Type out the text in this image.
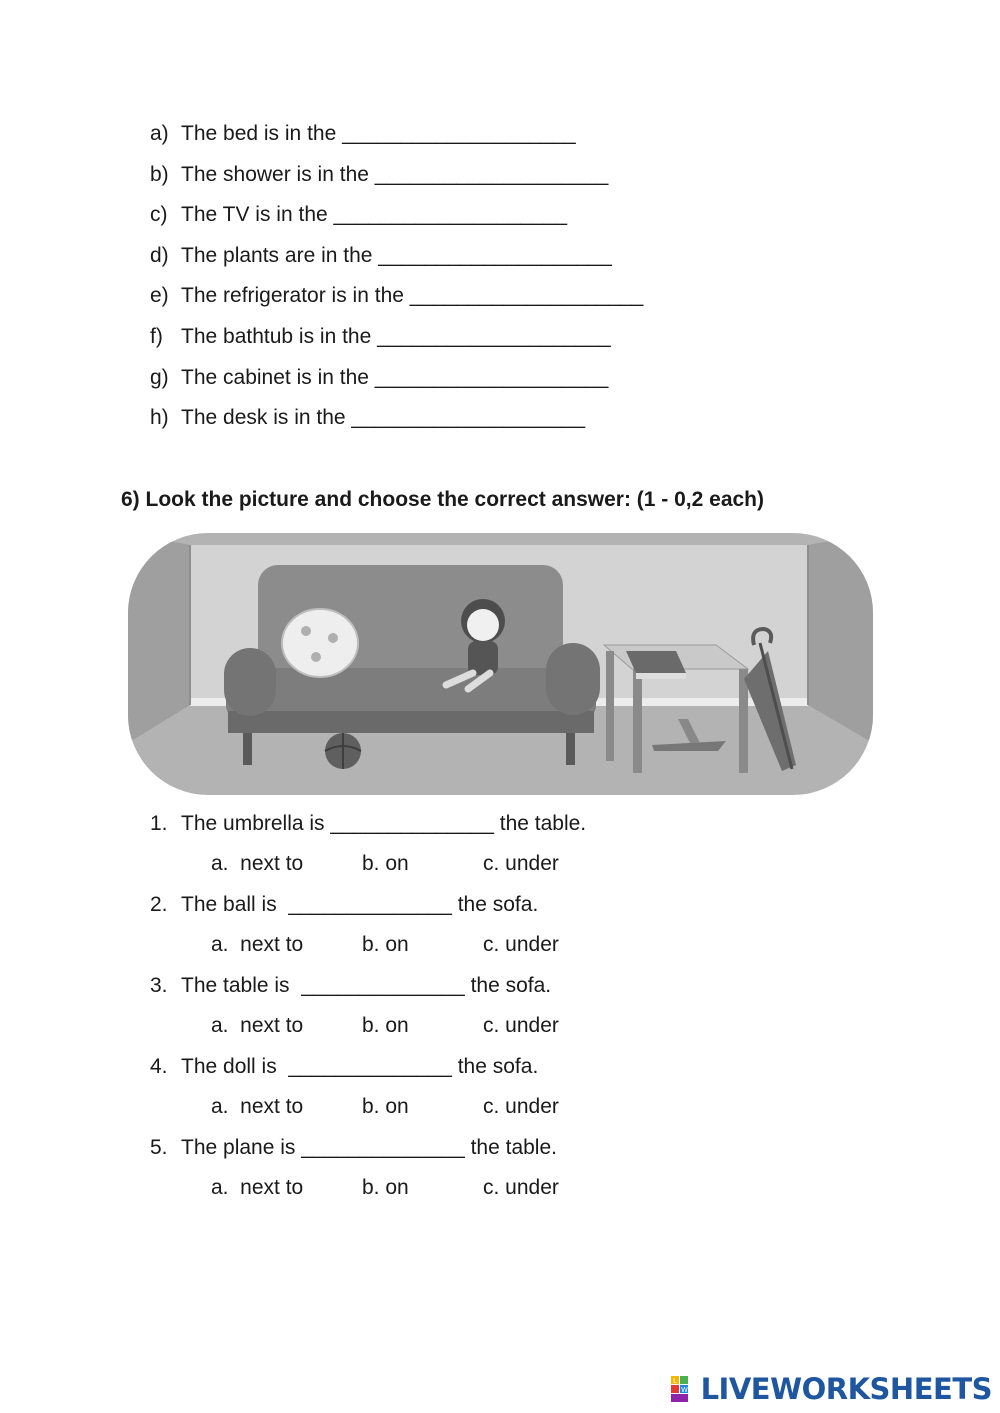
a) The bed is in the ____________________
b) The shower is in the ____________________
c) The TV is in the ____________________
d) The plants are in the ____________________
e) The refrigerator is in the ____________________
f) The bathtub is in the ____________________
g) The cabinet is in the ____________________
h) The desk is in the ____________________
6) Look the picture and choose the correct answer: (1 - 0,2 each)
1. The umbrella is ______________ the table.
a.  next to	b. on	c. under
2. The ball is  ______________ the sofa.
a.  next to	b. on	c. under
3. The table is  ______________ the sofa.
a.  next to	b. on	c. under
4. The doll is  ______________ the sofa.
a.  next to	b. on	c. under
5. The plane is ______________ the table.
a.  next to	b. on	c. under
L
W LIVEWORKSHEETS
